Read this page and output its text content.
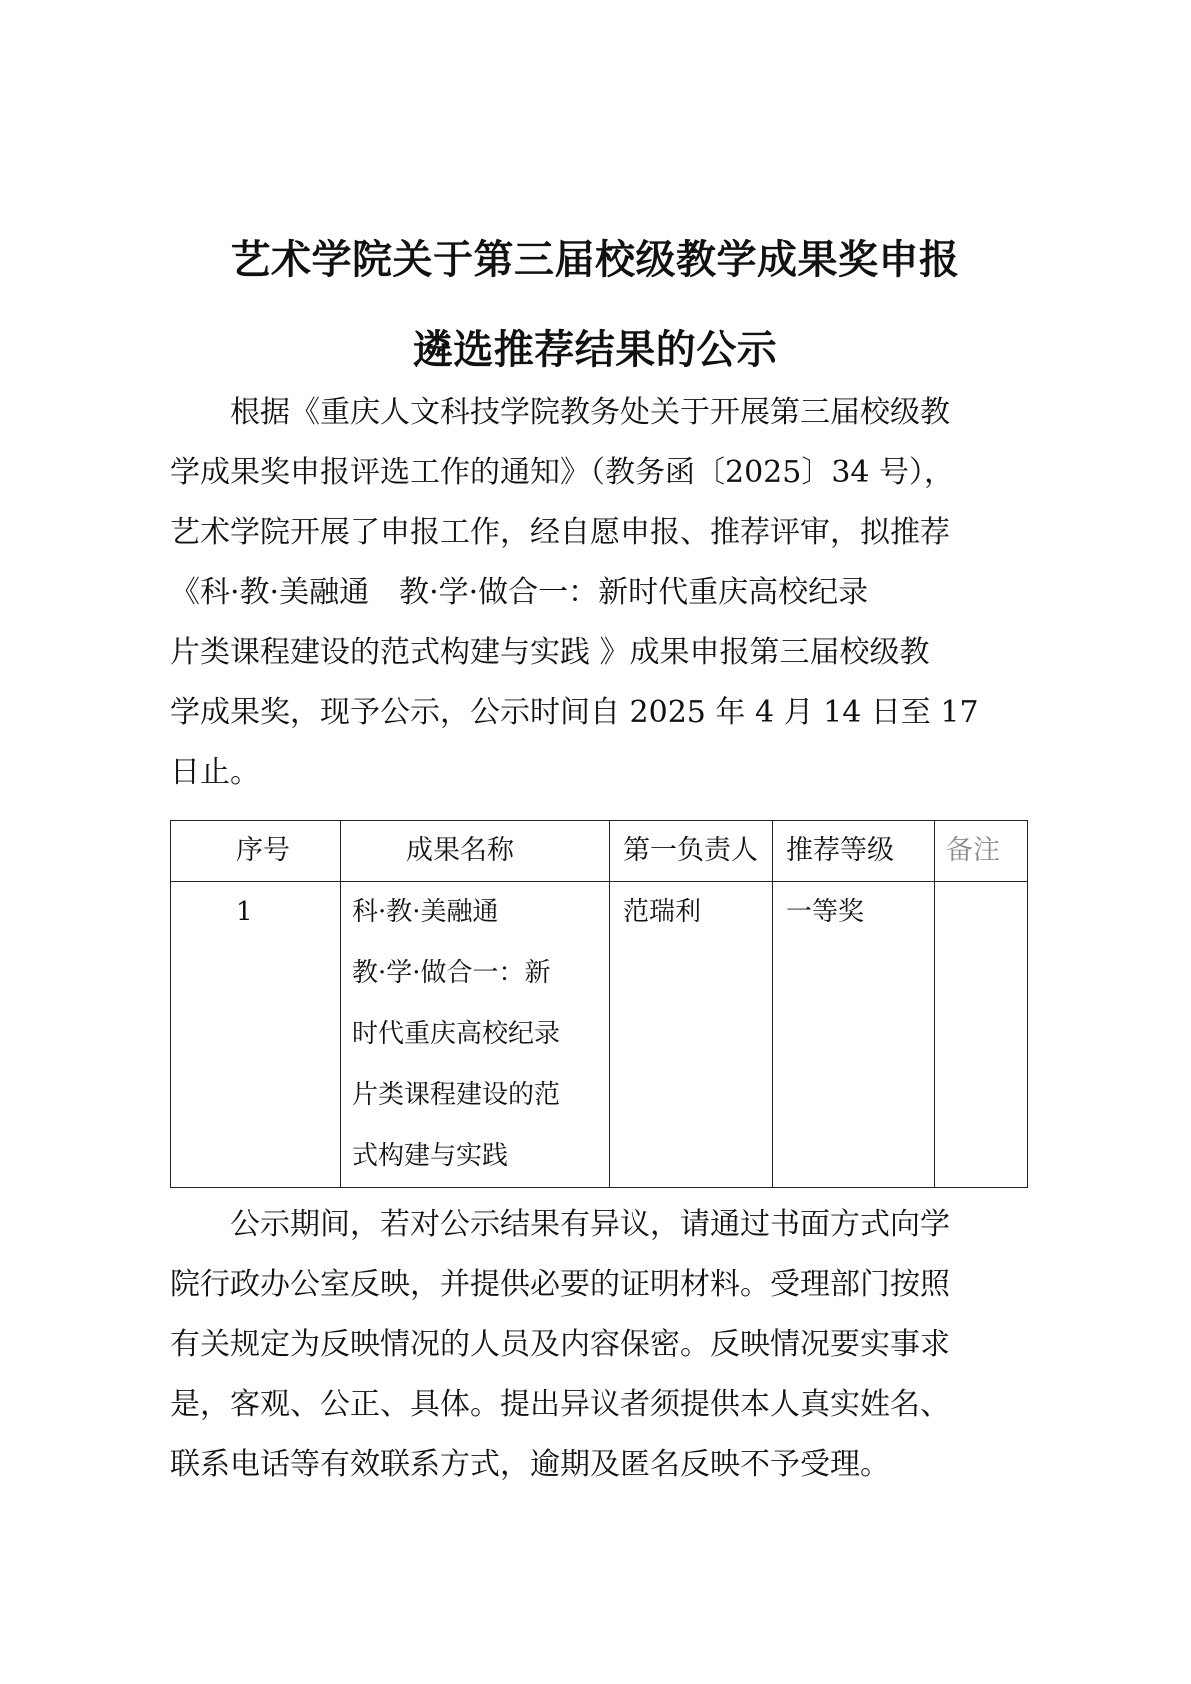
艺术学院关于第三届校级教学成果奖申报
遴选推荐结果的公示
根据《重庆人文科技学院教务处关于开展第三届校级教
学成果奖申报评选工作的通知》（教务函〔2025〕34 号），
艺术学院开展了申报工作，经自愿申报、推荐评审，拟推荐
《科·教·美融通　教·学·做合一：新时代重庆高校纪录
片类课程建设的范式构建与实践 》成果申报第三届校级教
学成果奖，现予公示，公示时间自 2025 年 4 月 14 日至 17
日止。
序号	成果名称	第一负责人	推荐等级	备注

1	科·教·美融通
教·学·做合一：新
时代重庆高校纪录
片类课程建设的范
式构建与实践	范瑞利	一等奖	

公示期间，若对公示结果有异议，请通过书面方式向学
院行政办公室反映，并提供必要的证明材料。受理部门按照
有关规定为反映情况的人员及内容保密。反映情况要实事求
是，客观、公正、具体。提出异议者须提供本人真实姓名、
联系电话等有效联系方式，逾期及匿名反映不予受理。
